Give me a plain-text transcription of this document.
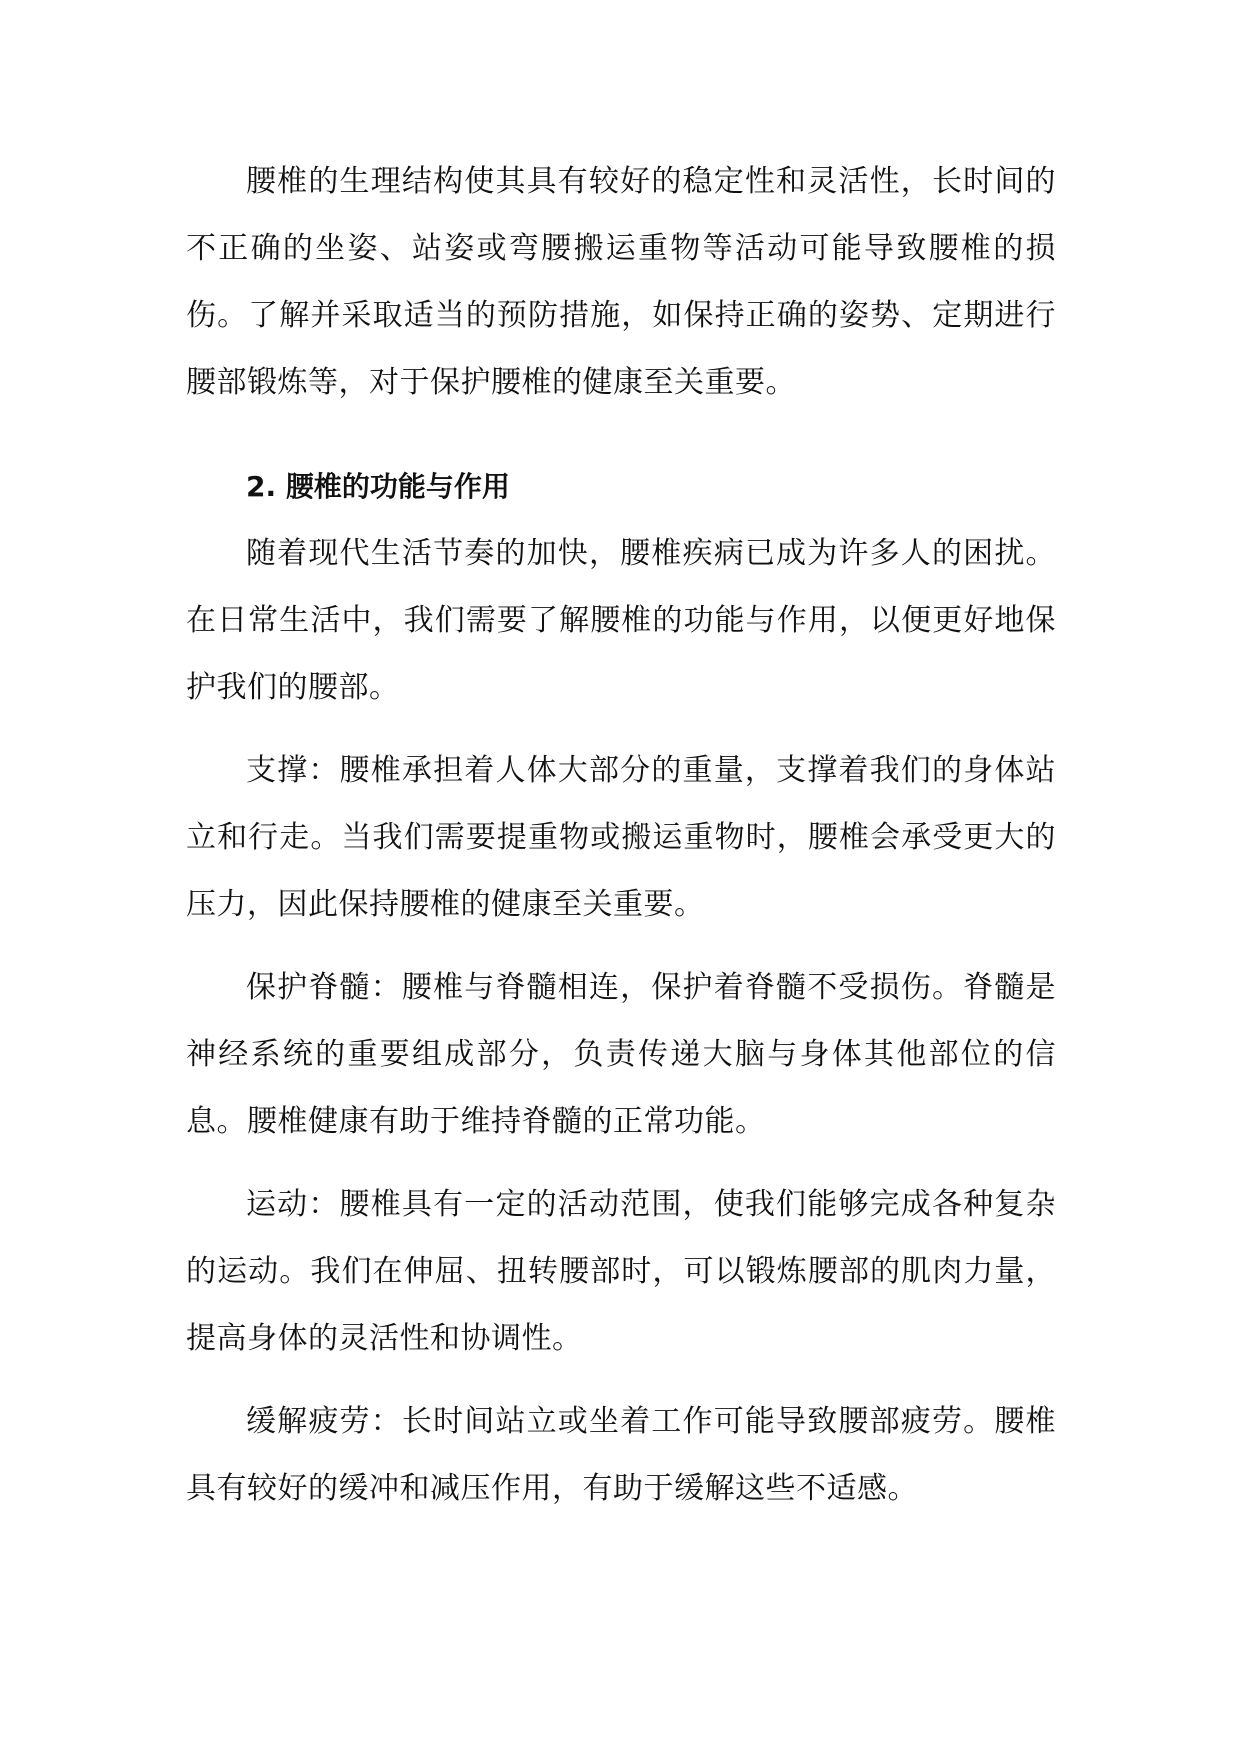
腰椎的生理结构使其具有较好的稳定性和灵活性，长时间的不正确的坐姿、站姿或弯腰搬运重物等活动可能导致腰椎的损伤。了解并采取适当的预防措施，如保持正确的姿势、定期进行腰部锻炼等，对于保护腰椎的健康至关重要。

2. 腰椎的功能与作用

随着现代生活节奏的加快，腰椎疾病已成为许多人的困扰。在日常生活中，我们需要了解腰椎的功能与作用，以便更好地保护我们的腰部。

支撑：腰椎承担着人体大部分的重量，支撑着我们的身体站立和行走。当我们需要提重物或搬运重物时，腰椎会承受更大的压力，因此保持腰椎的健康至关重要。

保护脊髓：腰椎与脊髓相连，保护着脊髓不受损伤。脊髓是神经系统的重要组成部分，负责传递大脑与身体其他部位的信息。腰椎健康有助于维持脊髓的正常功能。

运动：腰椎具有一定的活动范围，使我们能够完成各种复杂的运动。我们在伸屈、扭转腰部时，可以锻炼腰部的肌肉力量，提高身体的灵活性和协调性。

缓解疲劳：长时间站立或坐着工作可能导致腰部疲劳。腰椎具有较好的缓冲和减压作用，有助于缓解这些不适感。
